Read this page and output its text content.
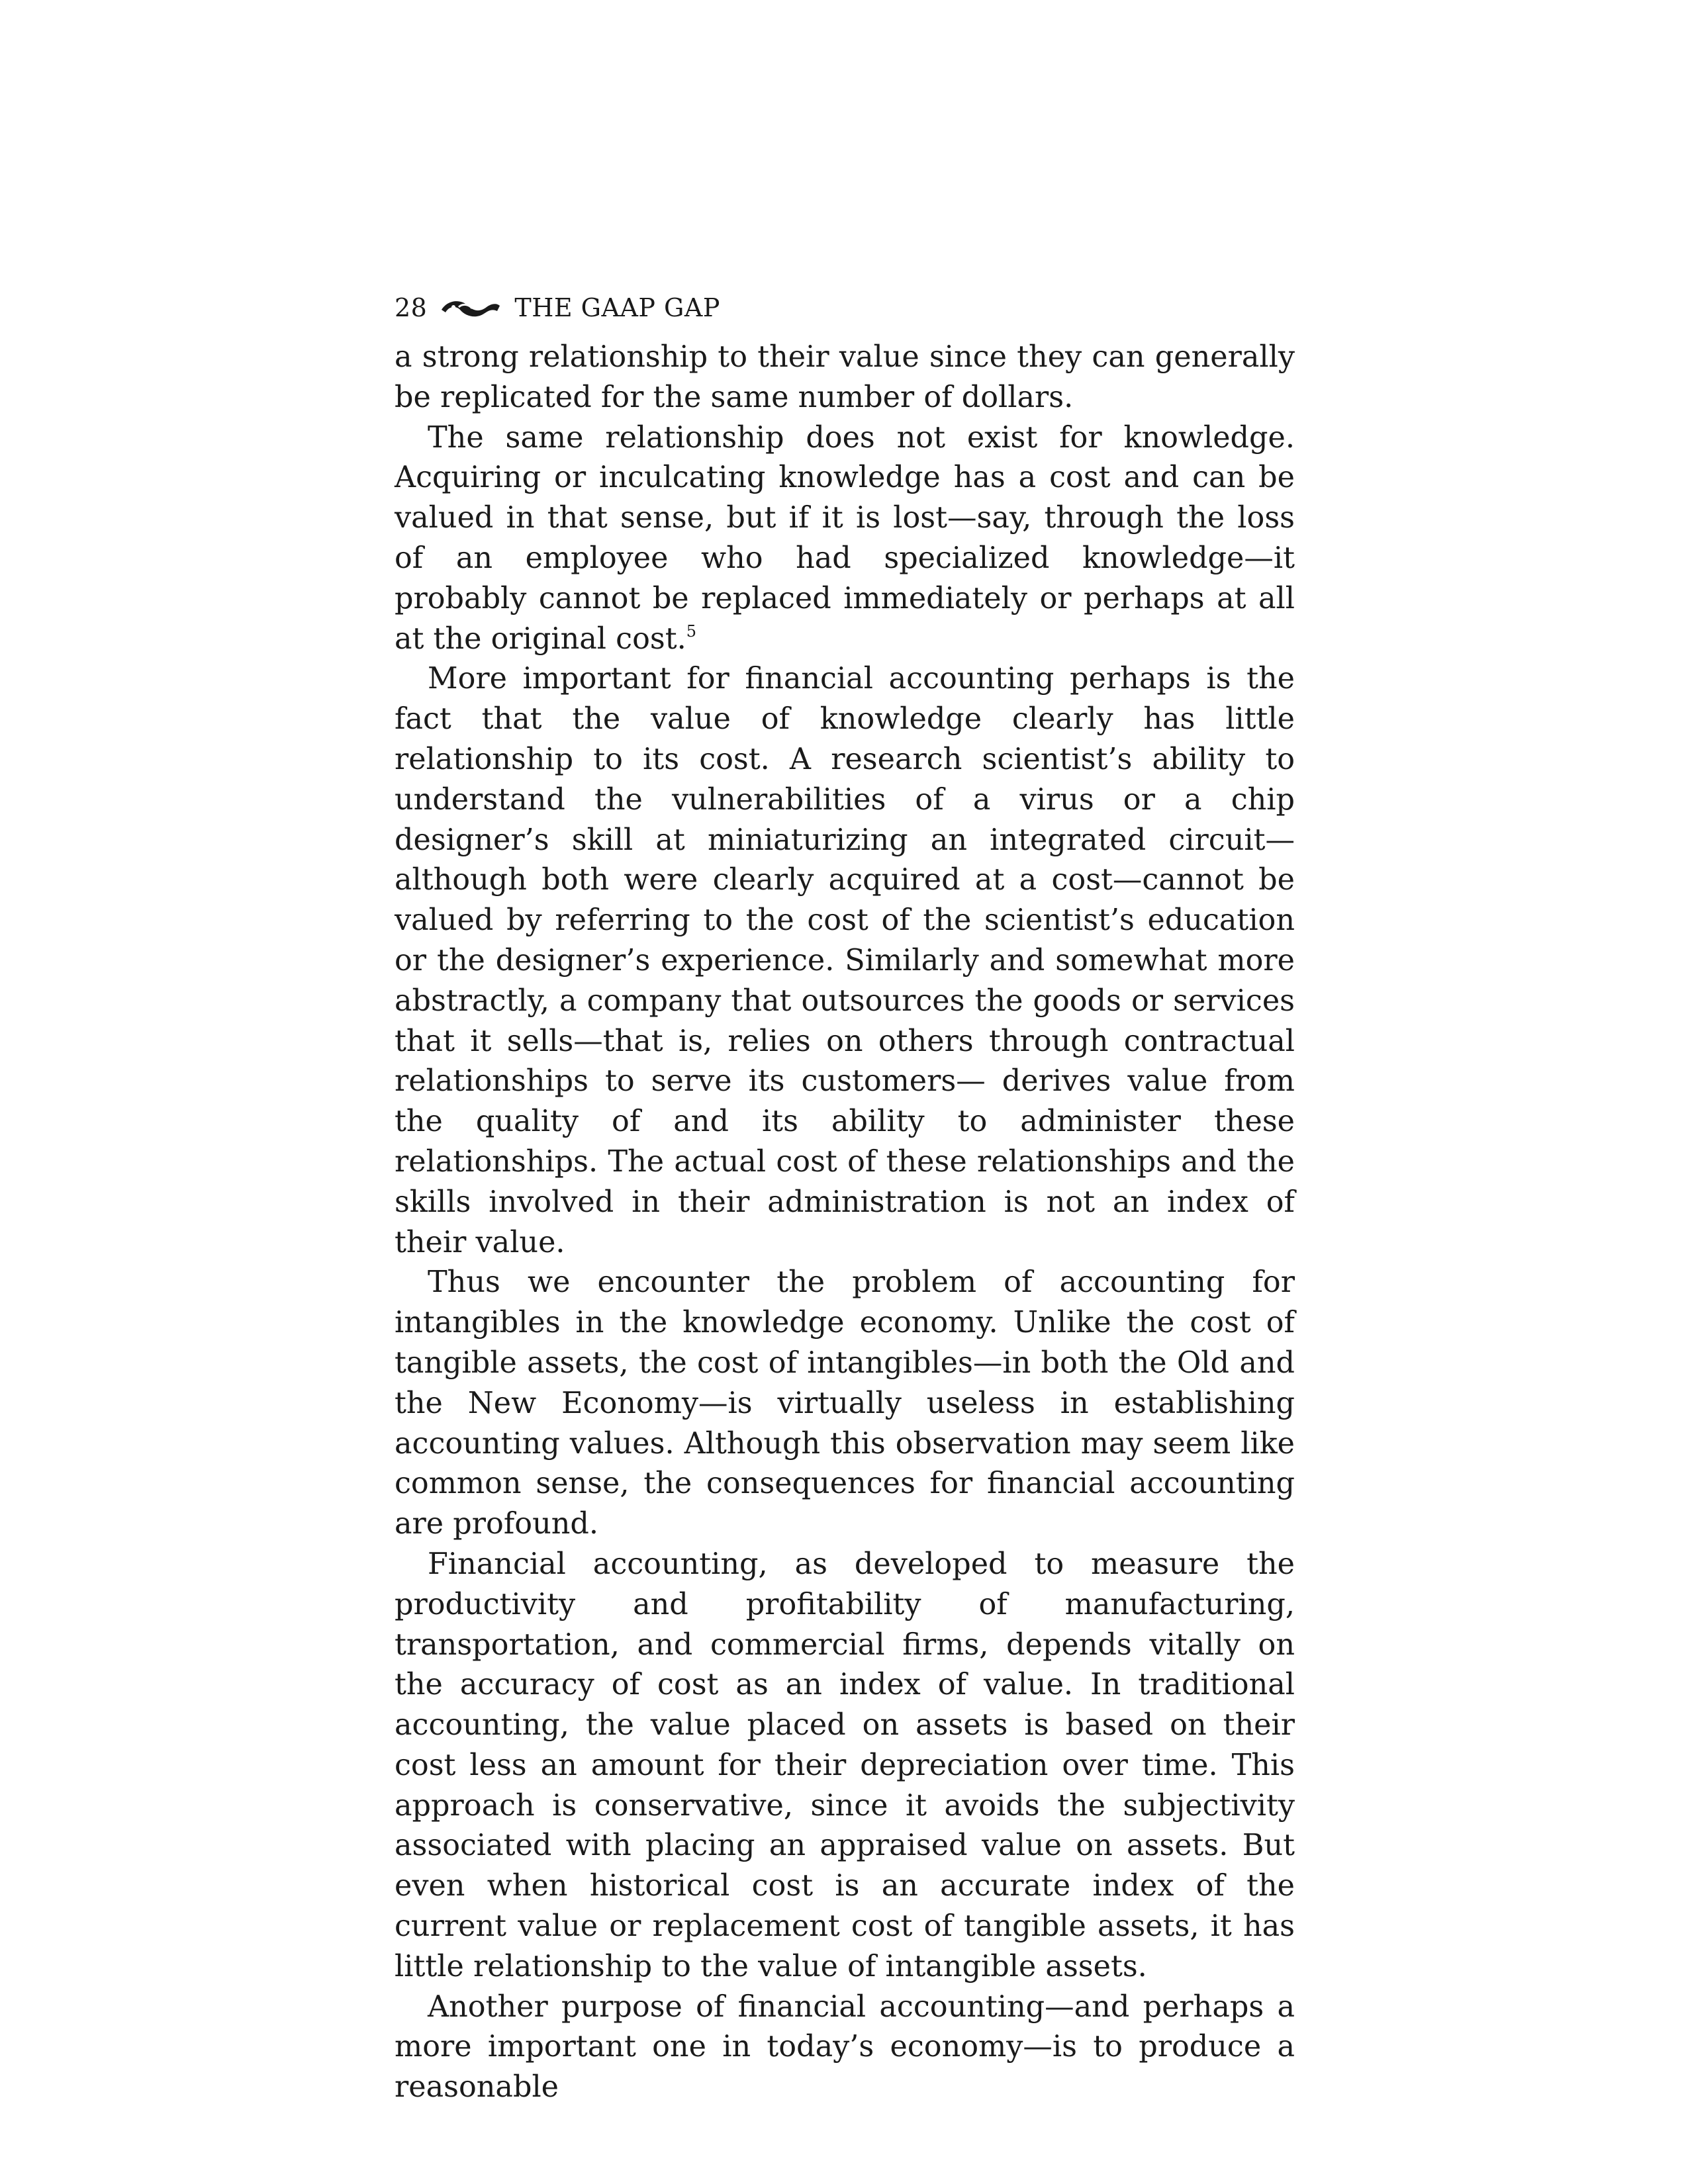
28	THE GAAP GAP

a strong relationship to their value since they can generally be replicated for the same number of dollars.

The same relationship does not exist for knowledge. Acquiring or inculcating knowledge has a cost and can be valued in that sense, but if it is lost—say, through the loss of an employee who had specialized knowledge—it probably cannot be replaced immediately or perhaps at all at the original cost.$^5$

More important for financial accounting perhaps is the fact that the value of knowledge clearly has little relationship to its cost. A research scientist’s ability to understand the vulnerabilities of a virus or a chip designer’s skill at miniaturizing an integrated circuit— although both were clearly acquired at a cost—cannot be valued by referring to the cost of the scientist’s education or the designer’s experience. Similarly and somewhat more abstractly, a company that outsources the goods or services that it sells—that is, relies on others through contractual relationships to serve its customers— derives value from the quality of and its ability to administer these relationships. The actual cost of these relationships and the skills involved in their administration is not an index of their value.

Thus we encounter the problem of accounting for intangibles in the knowledge economy. Unlike the cost of tangible assets, the cost of intangibles—in both the Old and the New Economy—is virtually useless in establishing accounting values. Although this observation may seem like common sense, the consequences for financial accounting are profound.

Financial accounting, as developed to measure the productivity and profitability of manufacturing, transportation, and commercial firms, depends vitally on the accuracy of cost as an index of value. In traditional accounting, the value placed on assets is based on their cost less an amount for their depreciation over time. This approach is conservative, since it avoids the subjectivity associated with placing an appraised value on assets. But even when historical cost is an accurate index of the current value or replacement cost of tangible assets, it has little relationship to the value of intangible assets.

Another purpose of financial accounting—and perhaps a more important one in today’s economy—is to produce a reasonable
